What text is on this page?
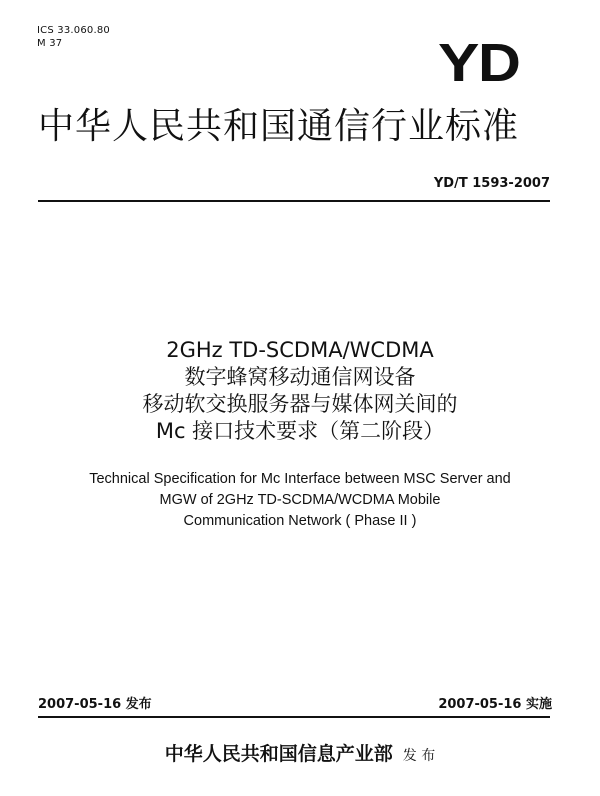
ICS 33.060.80
M 37	Y
D
中华人民共和国通信行业标准
YD/T 1593-2007
2GHz TD-SCDMA/WCDMA
数字蜂窝移动通信网设备
移动软交换服务器与媒体网关间的
Mc 接口技术要求（第二阶段）
Technical Specification for Mc Interface between MSC Server and
MGW of 2GHz TD-SCDMA/WCDMA Mobile
Communication Network ( Phase II )
2007-05-16 发布	2007-05-16 实施
中华人民共和国信息产业部 发 布
